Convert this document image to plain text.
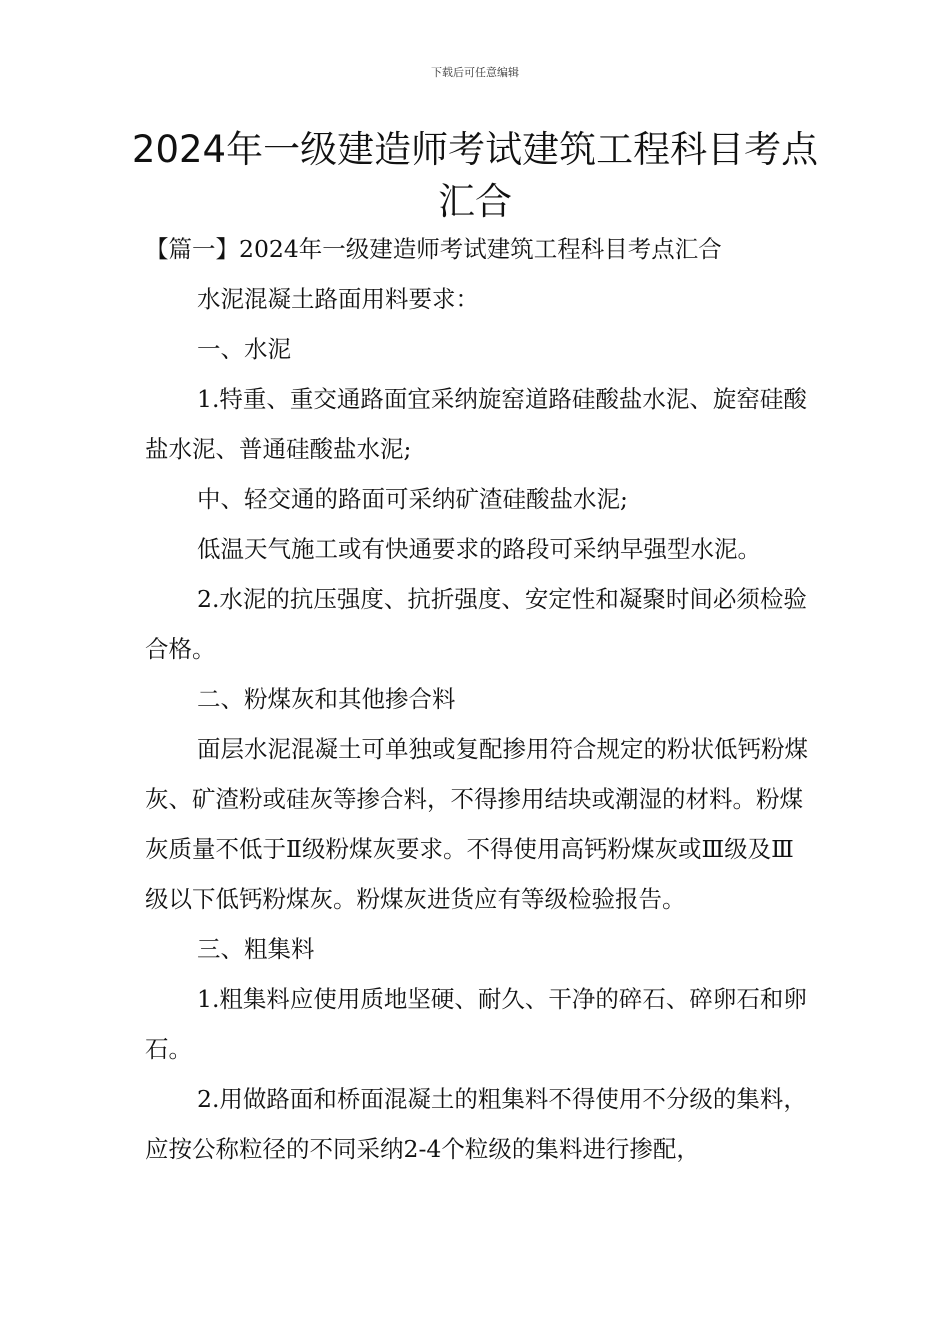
下载后可任意编辑
2024年一级建造师考试建筑工程科目考点汇合

【篇一】2024年一级建造师考试建筑工程科目考点汇合

水泥混凝土路面用料要求：

一、水泥

1.特重、重交通路面宜采纳旋窑道路硅酸盐水泥、旋窑硅酸盐水泥、普通硅酸盐水泥;

中、轻交通的路面可采纳矿渣硅酸盐水泥;

低温天气施工或有快通要求的路段可采纳早强型水泥。

2.水泥的抗压强度、抗折强度、安定性和凝聚时间必须检验合格。

二、粉煤灰和其他掺合料

面层水泥混凝土可单独或复配掺用符合规定的粉状低钙粉煤灰、矿渣粉或硅灰等掺合料，不得掺用结块或潮湿的材料。粉煤灰质量不低于Ⅱ级粉煤灰要求。不得使用高钙粉煤灰或Ⅲ级及Ⅲ级以下低钙粉煤灰。粉煤灰进货应有等级检验报告。

三、粗集料

1.粗集料应使用质地坚硬、耐久、干净的碎石、碎卵石和卵石。

2.用做路面和桥面混凝土的粗集料不得使用不分级的集料，应按公称粒径的不同采纳2-4个粒级的集料进行掺配，
